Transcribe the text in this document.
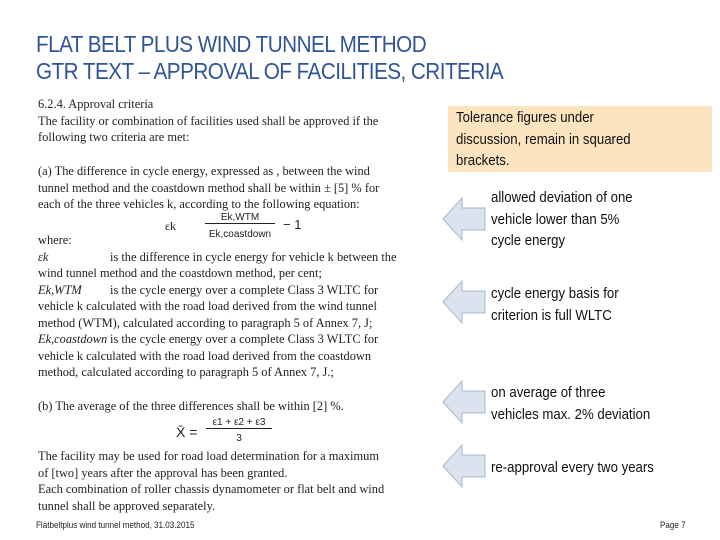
FLAT BELT PLUS WIND TUNNEL METHOD
GTR TEXT – APPROVAL OF FACILITIES, CRITERIA
6.2.4. Approval criteria
The facility or combination of facilities used shall be approved if the
following two criteria are met:
(a) The difference in cycle energy, expressed as , between the wind
tunnel method and the coastdown method shall be within ± [5] % for
each of the three vehicles k, according to the following equation:
εk
Ek,WTM
Ek,coastdown
− 1
where:
εk	is the difference in cycle energy for vehicle k between the
wind tunnel method and the coastdown method, per cent;
Ek,WTM is the cycle energy over a complete Class 3 WLTC for
vehicle k calculated with the road load derived from the wind tunnel
method (WTM), calculated according to paragraph 5 of Annex 7, J;
Ek,coastdown is the cycle energy over a complete Class 3 WLTC for
vehicle k calculated with the road load derived from the coastdown
method, calculated according to paragraph 5 of Annex 7, J.;
(b) The average of the three differences shall be within [2] %.
X̄ =
ε1 + ε2 + ε3
3
The facility may be used for road load determination for a maximum
of [two] years after the approval has been granted.
Each combination of roller chassis dynamometer or flat belt and wind
tunnel shall be approved separately.
Tolerance figures under
discussion, remain in squared
brackets.
allowed deviation of one
vehicle lower than 5%
cycle energy
cycle energy basis for
criterion is full WLTC
on average of three
vehicles max. 2% deviation
re-approval every two years
Flatbeltplus wind tunnel method, 31.03.2015	Page 7
